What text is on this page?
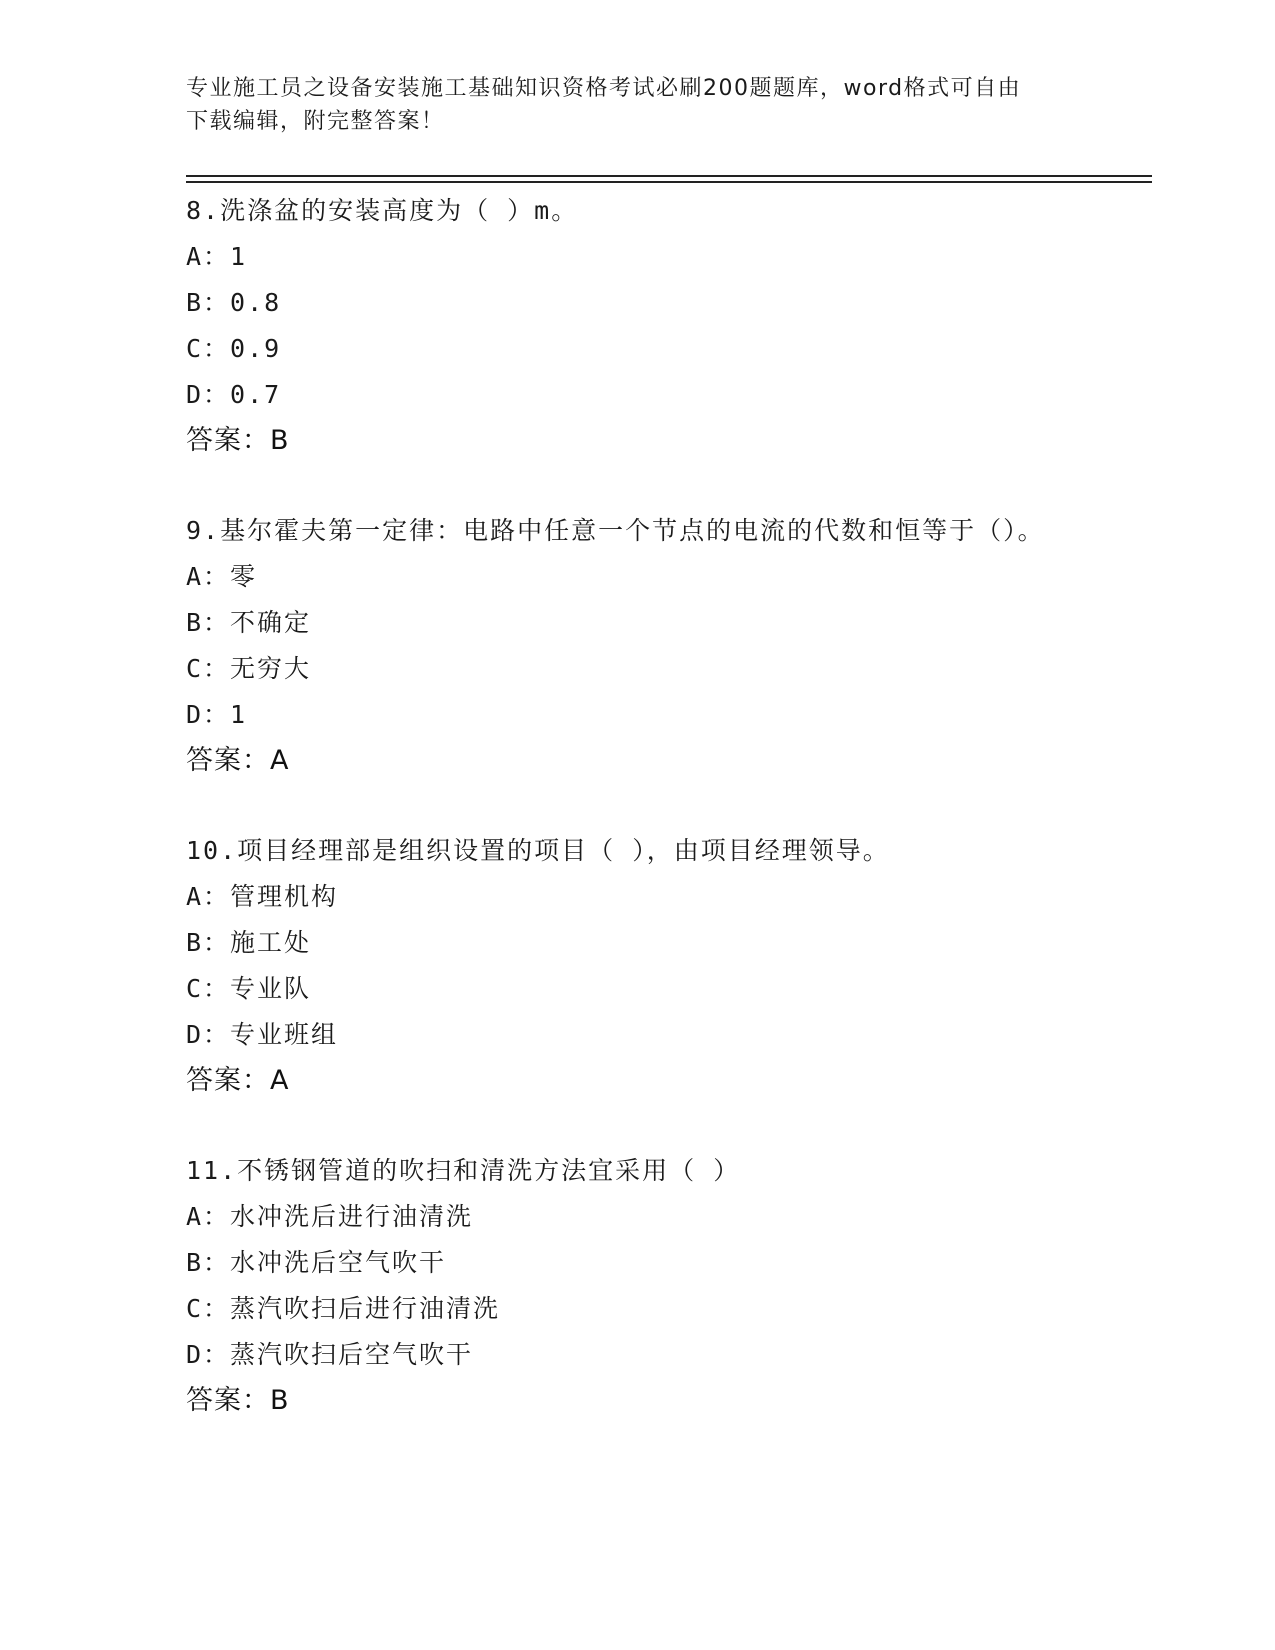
专业施工员之设备安装施工基础知识资格考试必刷200题题库，word格式可自由
下载编辑，附完整答案！

8.洗涤盆的安装高度为（ ）m。

A：1

B：0.8

C：0.9

D：0.7

答案：B

9.基尔霍夫第一定律：电路中任意一个节点的电流的代数和恒等于（）。

A：零

B：不确定

C：无穷大

D：1

答案：A

10.项目经理部是组织设置的项目（ ），由项目经理领导。

A：管理机构

B：施工处

C：专业队

D：专业班组

答案：A

11.不锈钢管道的吹扫和清洗方法宜采用（ ）

A：水冲洗后进行油清洗

B：水冲洗后空气吹干

C：蒸汽吹扫后进行油清洗

D：蒸汽吹扫后空气吹干

答案：B
